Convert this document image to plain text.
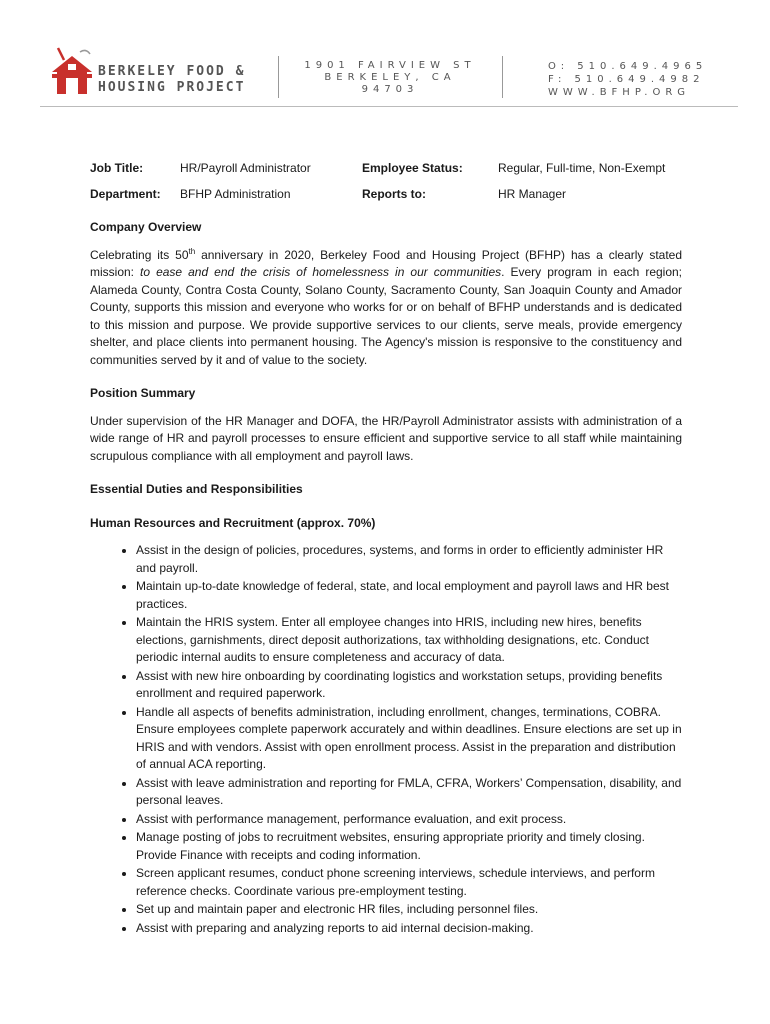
BERKELEY FOOD &
HOUSING PROJECT
1901 FAIRVIEW ST
BERKELEY, CA
94703
O: 510.649.4965
F: 510.649.4982
WWW.BFHP.ORG
Job Title:	HR/Payroll Administrator	Employee Status:	Regular, Full-time, Non-Exempt
Department:	BFHP Administration	Reports to:	HR Manager
Company Overview

Celebrating its 50th anniversary in 2020, Berkeley Food and Housing Project (BFHP) has a clearly stated mission: to ease and end the crisis of homelessness in our communities. Every program in each region; Alameda County, Contra Costa County, Solano County, Sacramento County, San Joaquin County and Amador County, supports this mission and everyone who works for or on behalf of BFHP understands and is dedicated to this mission and purpose. We provide supportive services to our clients, serve meals, provide emergency shelter, and place clients into permanent housing. The Agency's mission is responsive to the constituency and communities served by it and of value to the society.

Position Summary

Under supervision of the HR Manager and DOFA, the HR/Payroll Administrator assists with administration of a wide range of HR and payroll processes to ensure efficient and supportive service to all staff while maintaining scrupulous compliance with all employment and payroll laws.

Essential Duties and Responsibilities
Human Resources and Recruitment (approx. 70%)
• Assist in the design of policies, procedures, systems, and forms in order to efficiently administer HR and payroll.
• Maintain up-to-date knowledge of federal, state, and local employment and payroll laws and HR best practices.
• Maintain the HRIS system. Enter all employee changes into HRIS, including new hires, benefits elections, garnishments, direct deposit authorizations, tax withholding designations, etc. Conduct periodic internal audits to ensure completeness and accuracy of data.
• Assist with new hire onboarding by coordinating logistics and workstation setups, providing benefits enrollment and required paperwork.
• Handle all aspects of benefits administration, including enrollment, changes, terminations, COBRA. Ensure employees complete paperwork accurately and within deadlines. Ensure elections are set up in HRIS and with vendors. Assist with open enrollment process. Assist in the preparation and distribution of annual ACA reporting.
• Assist with leave administration and reporting for FMLA, CFRA, Workers’ Compensation, disability, and personal leaves.
• Assist with performance management, performance evaluation, and exit process.
• Manage posting of jobs to recruitment websites, ensuring appropriate priority and timely closing. Provide Finance with receipts and coding information.
• Screen applicant resumes, conduct phone screening interviews, schedule interviews, and perform reference checks. Coordinate various pre-employment testing.
• Set up and maintain paper and electronic HR files, including personnel files.
• Assist with preparing and analyzing reports to aid internal decision-making.
